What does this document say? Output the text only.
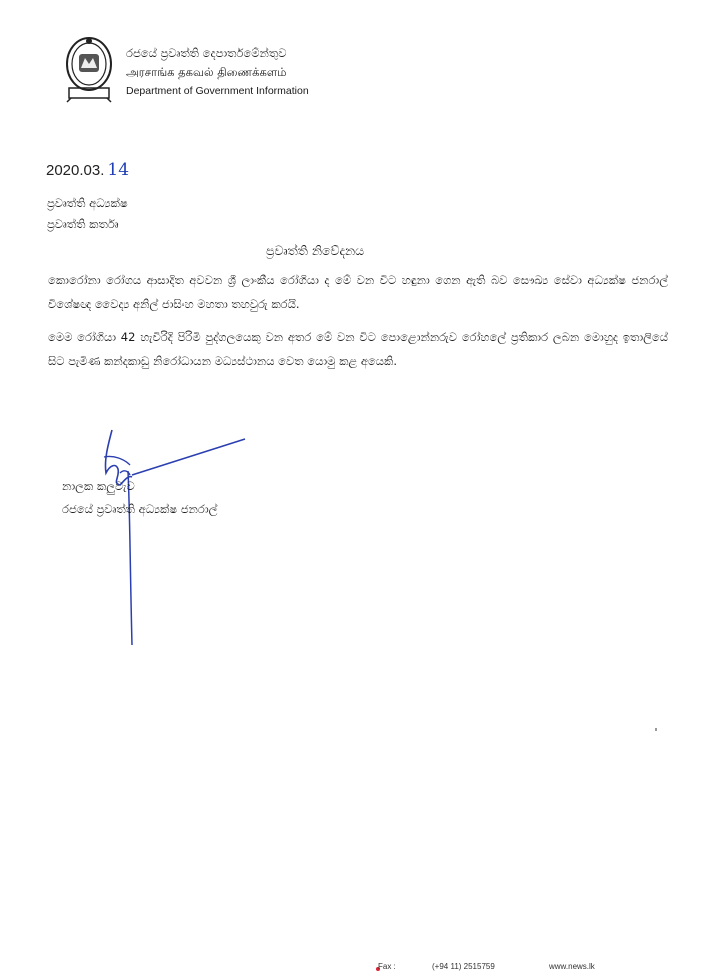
රජයේ ප්‍රවෘත්ති දෙපාර්තමේන්තුව
அரசாங்க தகவல் திணைக்களம்
Department of Government Information
2020.03. 14
ප්‍රවෘත්ති අධ්‍යක්ෂ
ප්‍රවෘත්ති කර්තෘ
ප්‍රවෘත්ති නිවේදනය
කොරෝනා රෝගය ආසාදිත අවවන ශ්‍රී ලාංකීය රෝගියා ද මේ වන විට හඳුනා ගෙන ඇති බව සෞඛ්‍ය සේවා අධ්‍යක්ෂ ජනරාල් විශේෂඥ වෛද්‍ය අනිල් ජාසිංහ මහතා තහවුරු කරයි.
මෙම රෝගියා 42 හැවිරිදි පිරිමි පුද්ගලයෙකු වන අතර මේ වන විට පොළොන්නරුව රෝහලේ ප්‍රතිකාර ලබන මොහුද ඉතාලියේ සිට පැමිණ කන්දකාඩු නිරෝධායන මධ්‍යස්ථානය වෙත යොමු කළ අයෙකි.
නාලක කලුවැව
රජයේ ප්‍රවෘත්ති අධ්‍යක්ෂ ජනරාල්
Fax :	(+94 11) 2515759	www.news.lk
